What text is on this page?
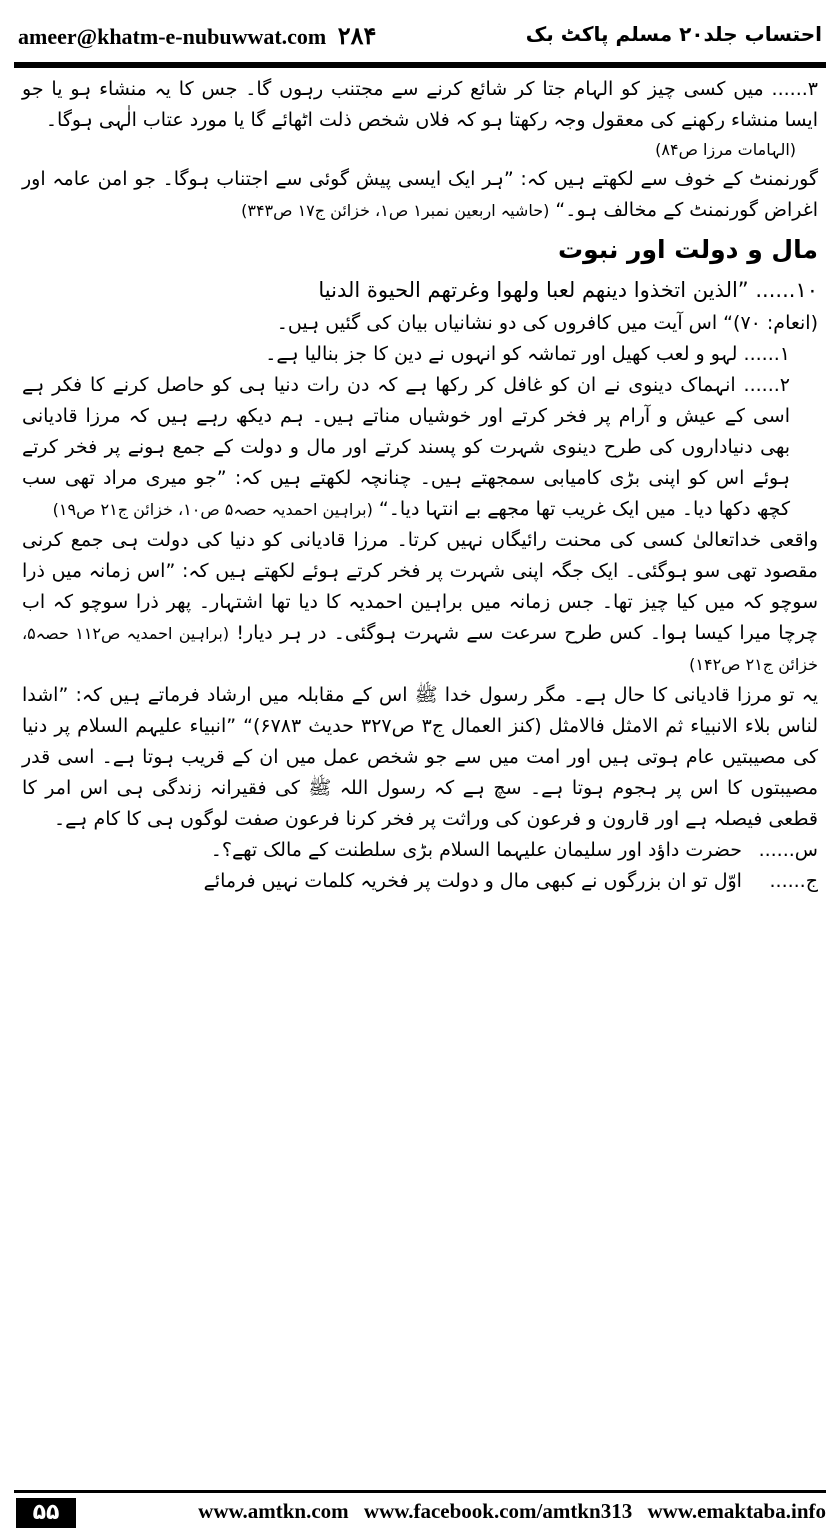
ameer@khatm-e-nubuwwat.com ۲۸۴	احتساب جلد۲۰ مسلم پاکٹ بک

۳...... میں کسی چیز کو الہام جتا کر شائع کرنے سے مجتنب رہوں گا۔ جس کا یہ منشاء ہو یا جو ایسا منشاء رکھنے کی معقول وجہ رکھتا ہو کہ فلاں شخص ذلت اٹھائے گا یا مورد عتاب الٰہی ہوگا۔

(الہامات مرزا ص۸۴)

گورنمنٹ کے خوف سے لکھتے ہیں کہ: ”ہر ایک ایسی پیش گوئی سے اجتناب ہوگا۔ جو امن عامہ اور اغراض گورنمنٹ کے مخالف ہو۔“ (حاشیہ اربعین نمبر۱ ص۱، خزائن ج۱۷ ص۳۴۳)

مال و دولت اور نبوت

۱۰...... ”الذین اتخذوا دینهم لعبا ولهوا وغرتهم الحیوة الدنیا

(انعام: ۷۰)“ اس آیت میں کافروں کی دو نشانیاں بیان کی گئیں ہیں۔

۱...... لہو و لعب کھیل اور تماشہ کو انہوں نے دین کا جز بنالیا ہے۔

۲...... انہماک دینوی نے ان کو غافل کر رکھا ہے کہ دن رات دنیا ہی کو حاصل کرنے کا فکر ہے اسی کے عیش و آرام پر فخر کرتے اور خوشیاں مناتے ہیں۔ ہم دیکھ رہے ہیں کہ مرزا قادیانی بھی دنیاداروں کی طرح دینوی شہرت کو پسند کرتے اور مال و دولت کے جمع ہونے پر فخر کرتے ہوئے اس کو اپنی بڑی کامیابی سمجھتے ہیں۔ چنانچہ لکھتے ہیں کہ: ”جو میری مراد تھی سب کچھ دکھا دیا۔ میں ایک غریب تھا مجھے بے انتہا دیا۔“ (براہین احمدیہ حصہ۵ ص۱۰، خزائن ج۲۱ ص۱۹)

واقعی خداتعالیٰ کسی کی محنت رائیگاں نہیں کرتا۔ مرزا قادیانی کو دنیا کی دولت ہی جمع کرنی مقصود تھی سو ہوگئی۔ ایک جگہ اپنی شہرت پر فخر کرتے ہوئے لکھتے ہیں کہ: ”اس زمانہ میں ذرا سوچو کہ میں کیا چیز تھا۔ جس زمانہ میں براہین احمدیہ کا دیا تھا اشتہار۔ پھر ذرا سوچو کہ اب چرچا میرا کیسا ہوا۔ کس طرح سرعت سے شہرت ہوگئی۔ در ہر دیار! (براہین احمدیہ ص۱۱۲ حصہ۵، خزائن ج۲۱ ص۱۴۲)

یہ تو مرزا قادیانی کا حال ہے۔ مگر رسول خدا ﷺ اس کے مقابلہ میں ارشاد فرماتے ہیں کہ: ”اشدا لناس بلاء الانبیاء ثم الامثل فالامثل (کنز العمال ج۳ ص۳۲۷ حدیث ۶۷۸۳)“ ”انبیاء علیہم السلام پر دنیا کی مصیبتیں عام ہوتی ہیں اور امت میں سے جو شخص عمل میں ان کے قریب ہوتا ہے۔ اسی قدر مصیبتوں کا اس پر ہجوم ہوتا ہے۔ سچ ہے کہ رسول اللہ ﷺ کی فقیرانہ زندگی ہی اس امر کا قطعی فیصلہ ہے اور قارون و فرعون کی وراثت پر فخر کرنا فرعون صفت لوگوں ہی کا کام ہے۔

س...... حضرت داؤد اور سلیمان علیہما السلام بڑی سلطنت کے مالک تھے؟۔

ج...... اوّل تو ان بزرگوں نے کبھی مال و دولت پر فخریہ کلمات نہیں فرمائے

۵۵	www.amtkn.com www.facebook.com/amtkn313 www.emaktaba.info
